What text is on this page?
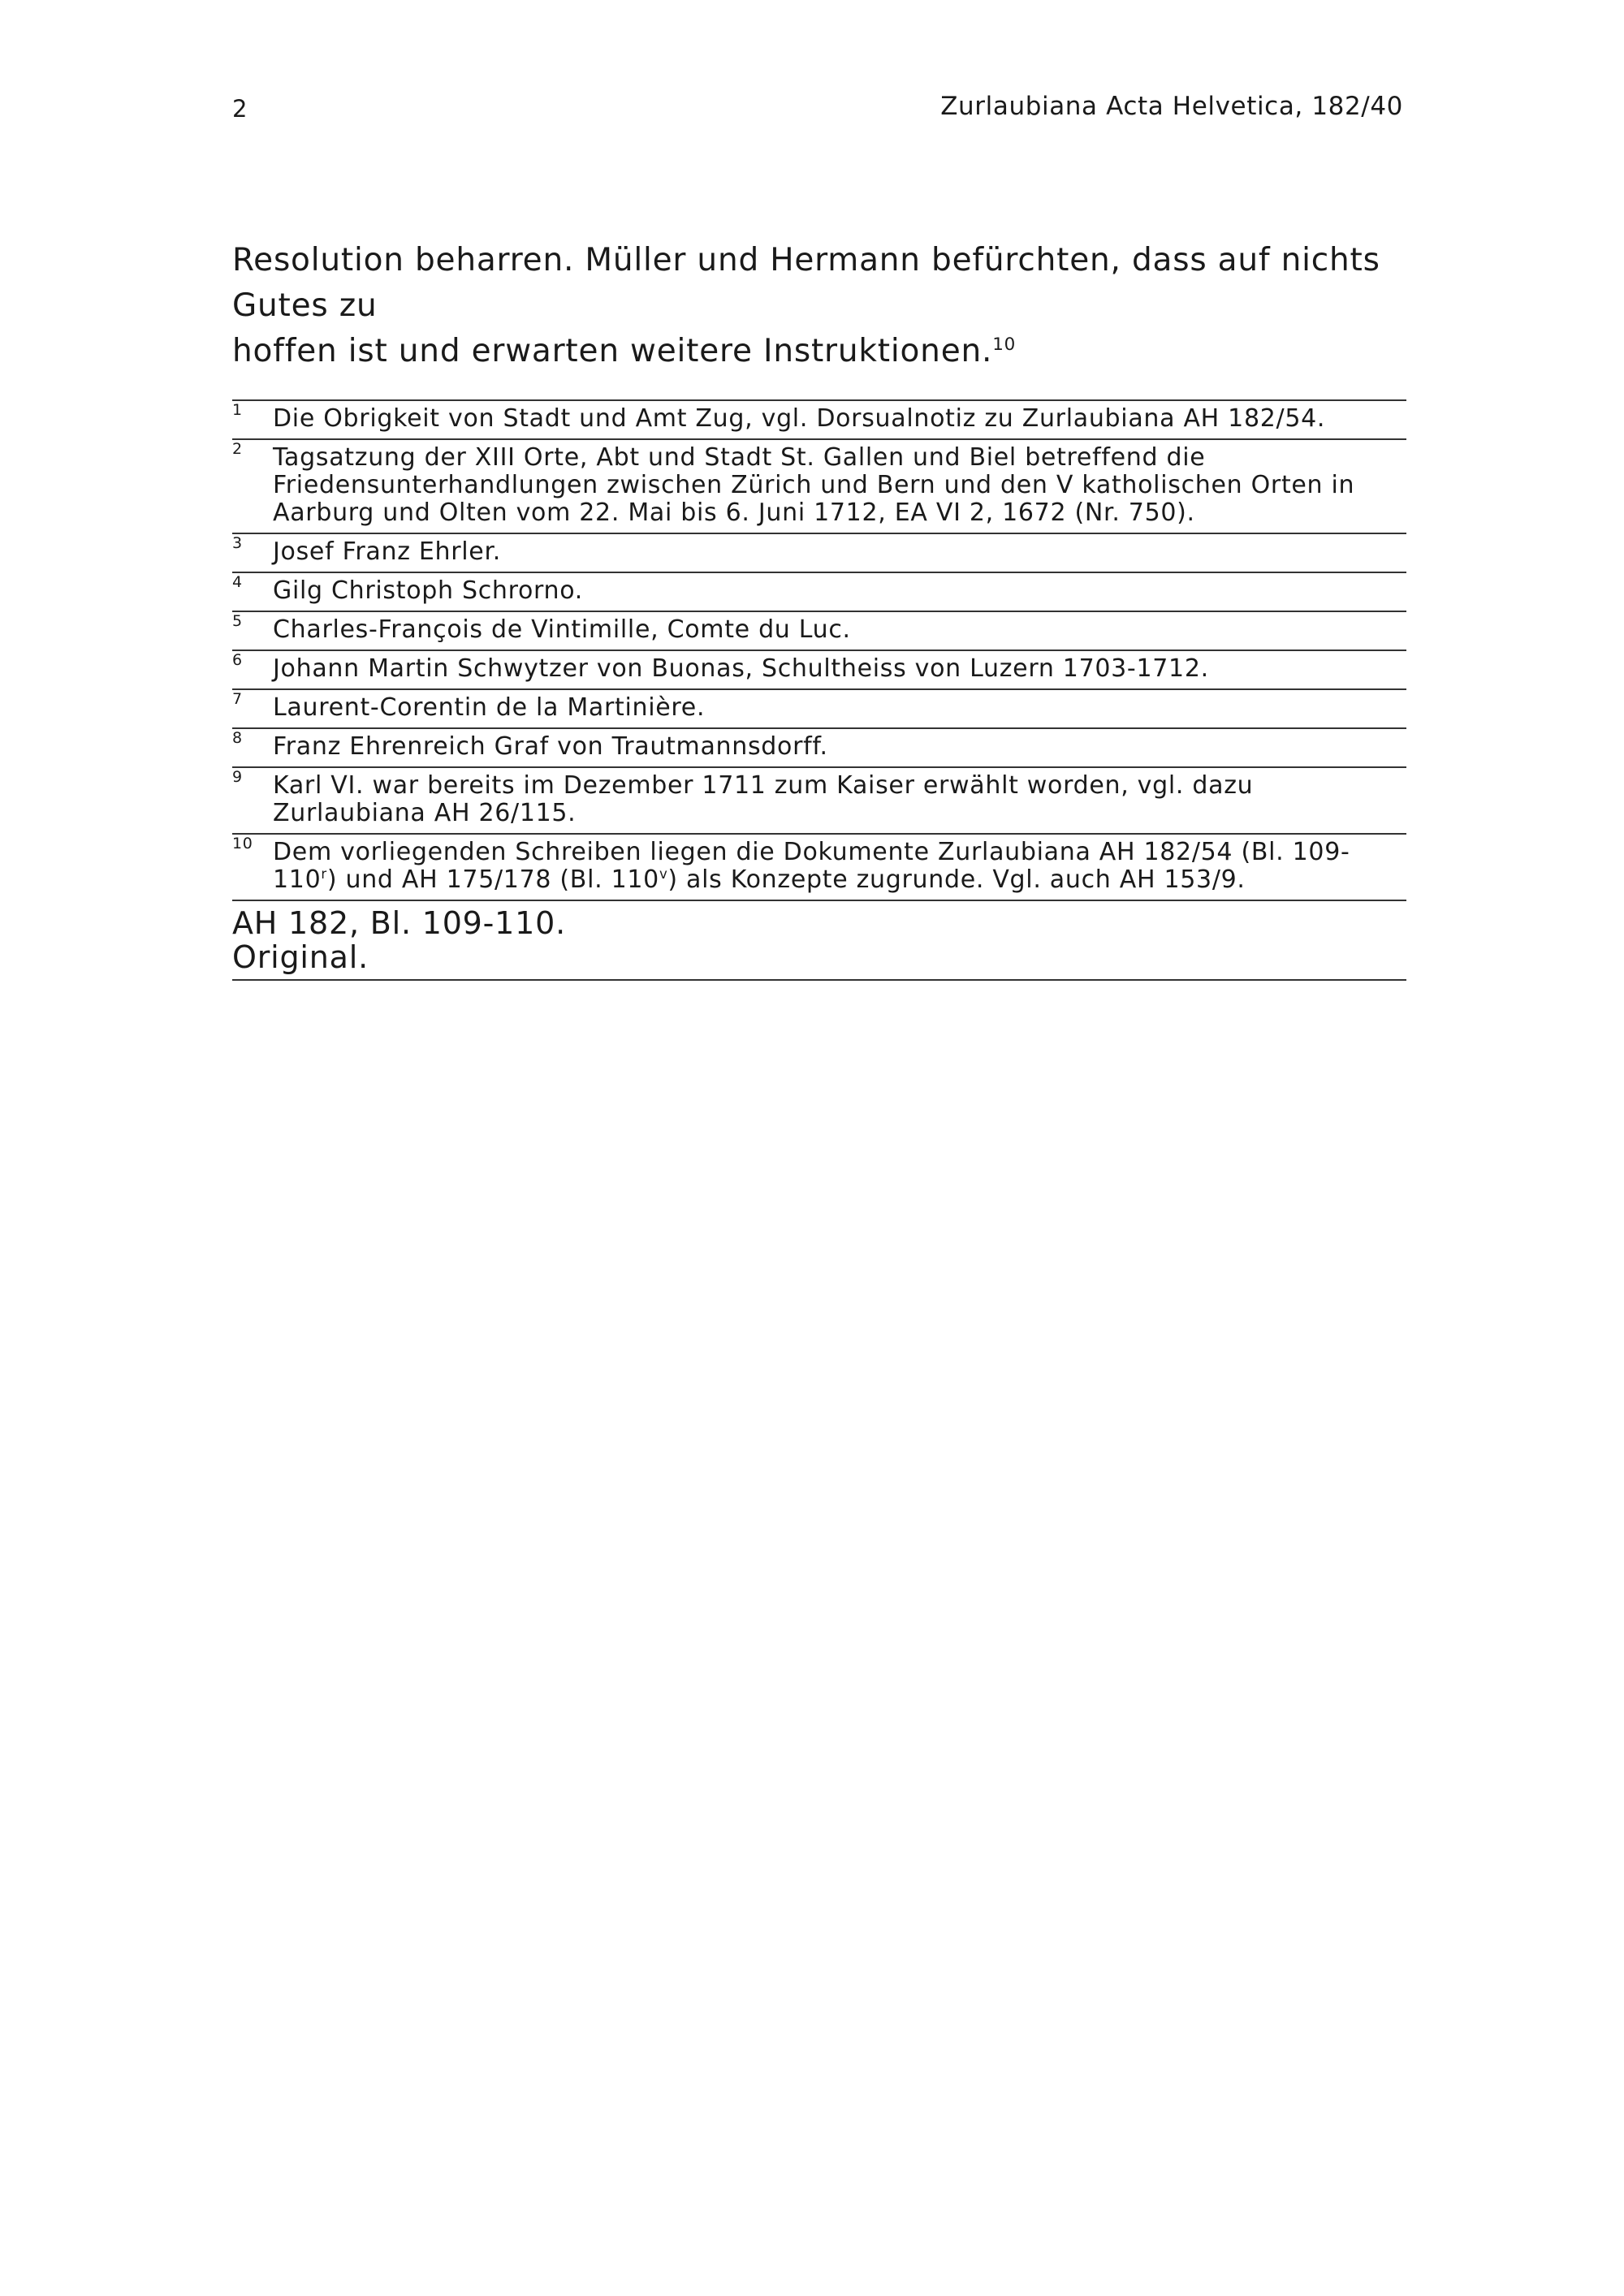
2	Zurlaubiana Acta Helvetica, 182/40

Resolution beharren. Müller und Hermann befürchten, dass auf nichts Gutes zu

hoffen ist und erwarten weitere Instruktionen.$^{10}$

1 Die Obrigkeit von Stadt und Amt Zug, vgl. Dorsualnotiz zu Zurlaubiana AH 182/54.
2 Tagsatzung der XIII Orte, Abt und Stadt St. Gallen und Biel betreffend die Friedensunterhandlungen zwischen Zürich und Bern und den V katholischen Orten in Aarburg und Olten vom 22. Mai bis 6. Juni 1712, EA VI 2, 1672 (Nr. 750).
3 Josef Franz Ehrler.
4 Gilg Christoph Schrorno.
5 Charles-François de Vintimille, Comte du Luc.
6 Johann Martin Schwytzer von Buonas, Schultheiss von Luzern 1703-1712.
7 Laurent-Corentin de la Martinière.
8 Franz Ehrenreich Graf von Trautmannsdorff.
9 Karl VI. war bereits im Dezember 1711 zum Kaiser erwählt worden, vgl. dazu Zurlaubiana AH 26/115.
10 Dem vorliegenden Schreiben liegen die Dokumente Zurlaubiana AH 182/54 (Bl. 109-110$^r$) und AH 175/178 (Bl. 110$^v$) als Konzepte zugrunde. Vgl. auch AH 153/9.
AH 182, Bl. 109-110.
Original.
